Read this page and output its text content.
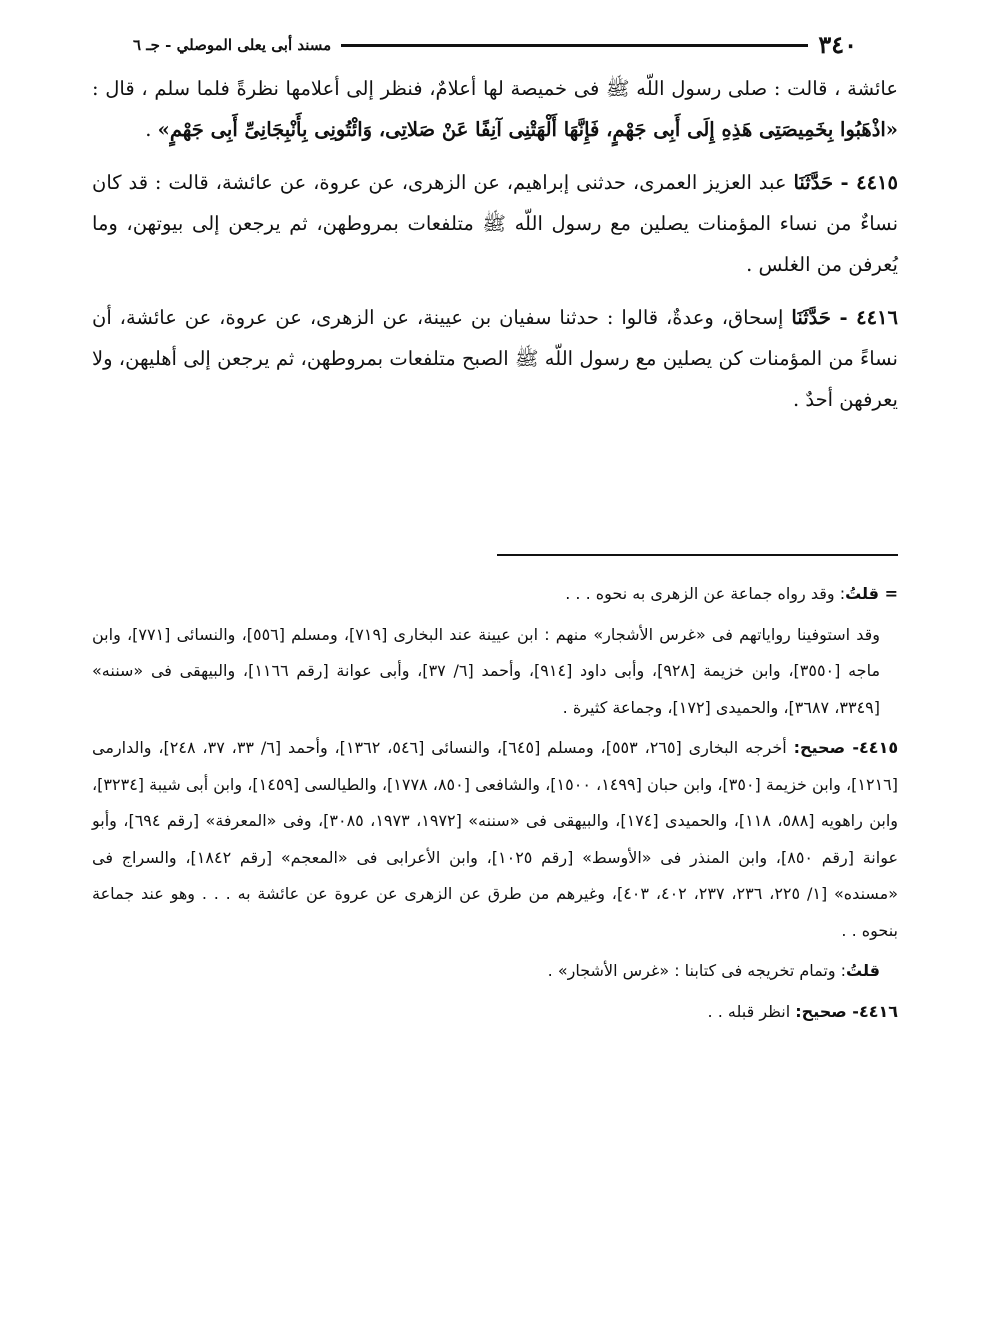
٣٤٠
مسند أبى يعلى الموصلي - جـ ٦

عائشة ، قالت : صلى رسول اللّه ﷺ فى خميصة لها أعلامٌ، فنظر إلى أعلامها نظرةً فلما سلم ، قال : «اذْهَبُوا بِخَمِيصَتِى هَذِهِ إِلَى أَبِى جَهْمٍ، فَإِنَّهَا أَلْهَتْنِى آنِفًا عَنْ صَلاتِى، وَائْتُونِى بِأَنْبِجَانِىِّ أَبِى جَهْمٍ» .

٤٤١٥ - حَدَّثَنَا عبد العزيز العمرى، حدثنى إبراهيم، عن الزهرى، عن عروة، عن عائشة، قالت : قد كان نساءٌ من نساء المؤمنات يصلين مع رسول اللّه ﷺ متلفعات بمروطهن، ثم يرجعن إلى بيوتهن، وما يُعرفن من الغلس .

٤٤١٦ - حَدَّثَنَا إسحاق، وعدةٌ، قالوا : حدثنا سفيان بن عيينة، عن الزهرى، عن عروة، عن عائشة، أن نساءً من المؤمنات كن يصلين مع رسول اللّه ﷺ الصبح متلفعات بمروطهن، ثم يرجعن إلى أهليهن، ولا يعرفهن أحدٌ .

= قلتُ: وقد رواه جماعة عن الزهرى به نحوه . . .

وقد استوفينا رواياتهم فى «غرس الأشجار» منهم : ابن عيينة عند البخارى [٧١٩]، ومسلم [٥٥٦]، والنسائى [٧٧١]، وابن ماجه [٣٥٥٠]، وابن خزيمة [٩٢٨]، وأبى داود [٩١٤]، وأحمد [٦/ ٣٧]، وأبى عوانة [رقم ١١٦٦]، والبيهقى فى «سننه» [٣٣٤٩، ٣٦٨٧]، والحميدى [١٧٢]، وجماعة كثيرة .

٤٤١٥- صحيح: أخرجه البخارى [٢٦٥، ٥٥٣]، ومسلم [٦٤٥]، والنسائى [٥٤٦، ١٣٦٢]، وأحمد [٦/ ٣٣، ٣٧، ٢٤٨]، والدارمى [١٢١٦]، وابن خزيمة [٣٥٠]، وابن حبان [١٤٩٩، ١٥٠٠]، والشافعى [٨٥٠، ١٧٧٨]، والطيالسى [١٤٥٩]، وابن أبى شيبة [٣٢٣٤]، وابن راهويه [٥٨٨، ١١٨]، والحميدى [١٧٤]، والبيهقى فى «سننه» [١٩٧٢، ١٩٧٣، ٣٠٨٥]، وفى «المعرفة» [رقم ٦٩٤]، وأبو عوانة [رقم ٨٥٠]، وابن المنذر فى «الأوسط» [رقم ١٠٢٥]، وابن الأعرابى فى «المعجم» [رقم ١٨٤٢]، والسراج فى «مسنده» [١/ ٢٢٥، ٢٣٦، ٢٣٧، ٤٠٢، ٤٠٣]، وغيرهم من طرق عن الزهرى عن عروة عن عائشة به . . . وهو عند جماعة بنحوه . .

قلتُ: وتمام تخريجه فى كتابنا : «غرس الأشجار» .

٤٤١٦- صحيح: انظر قبله . .
